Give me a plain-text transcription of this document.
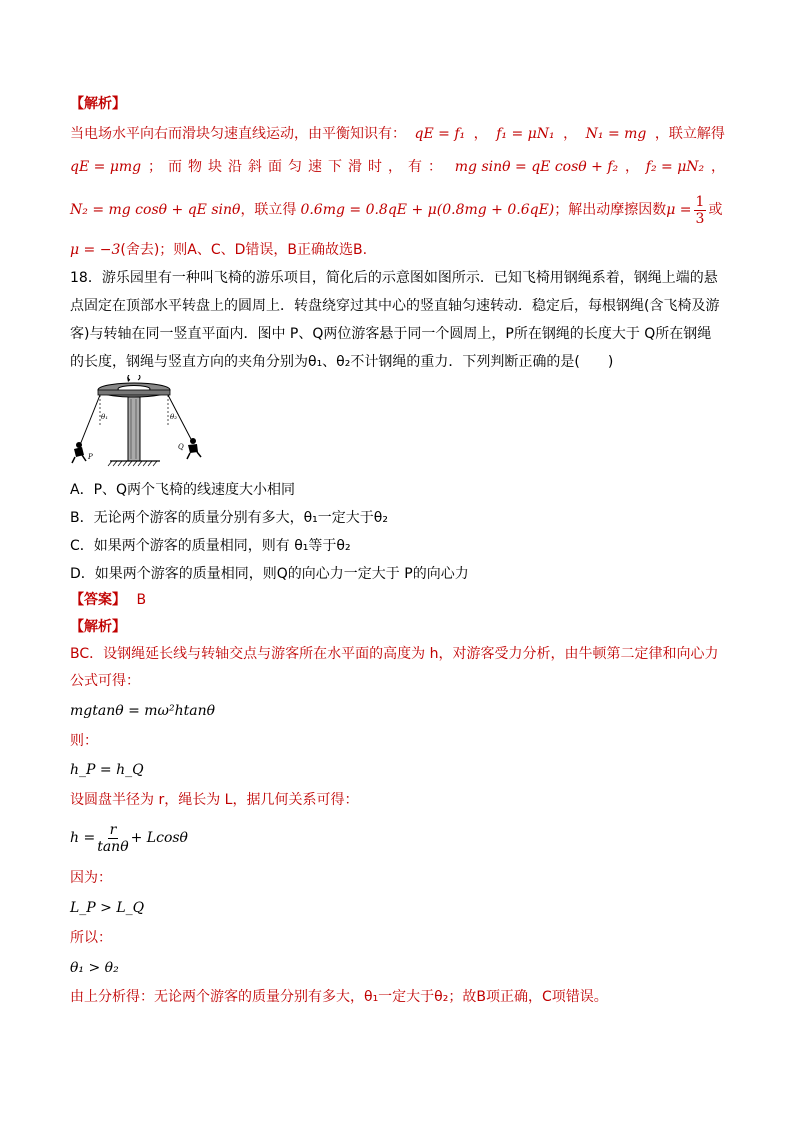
【解析】
当电场水平向右而滑块匀速直线运动，由平衡知识有： qE = f₁ ， f₁ = μN₁ ， N₁ = mg ，联立解得
qE = μmg ；而物块沿斜面匀速下滑时，有： mg sinθ = qE cosθ + f₂ ， f₂ = μN₂ ，
N₂ = mg cosθ + qE sinθ ，联立得 0.6mg = 0.8qE + μ(0.8mg + 0.6qE) ；解出动摩擦因数 $\mu = \frac{1}{3}$ 或
μ = −3(舍去)；则A、C、D错误，B正确故选B.
18．游乐园里有一种叫飞椅的游乐项目，简化后的示意图如图所示．已知飞椅用钢绳系着，钢绳上端的悬
点固定在顶部水平转盘上的圆周上．转盘绕穿过其中心的竖直轴匀速转动．稳定后，每根钢绳(含飞椅及游
客)与转轴在同一竖直平面内．图中 P、Q两位游客悬于同一个圆周上，P所在钢绳的长度大于 Q所在钢绳
的长度，钢绳与竖直方向的夹角分别为θ₁、θ₂不计钢绳的重力．下列判断正确的是(　　)
θ₁	θ₂
P
Q
A．P、Q两个飞椅的线速度大小相同
B．无论两个游客的质量分别有多大，θ₁一定大于θ₂
C．如果两个游客的质量相同，则有 θ₁等于θ₂
D．如果两个游客的质量相同，则Q的向心力一定大于 P的向心力
【答案】 B
【解析】
BC．设钢绳延长线与转轴交点与游客所在水平面的高度为 h，对游客受力分析，由牛顿第二定律和向心力
公式可得：
mgtanθ = mω²htanθ
则：
h_P = h_Q
设圆盘半径为 r，绳长为 L，据几何关系可得：
$h = \frac{r}{\tan\theta} + Lcos\theta$
因为：
L_P > L_Q
所以：
θ₁ > θ₂
由上分析得：无论两个游客的质量分别有多大，θ₁一定大于θ₂；故B项正确，C项错误。
